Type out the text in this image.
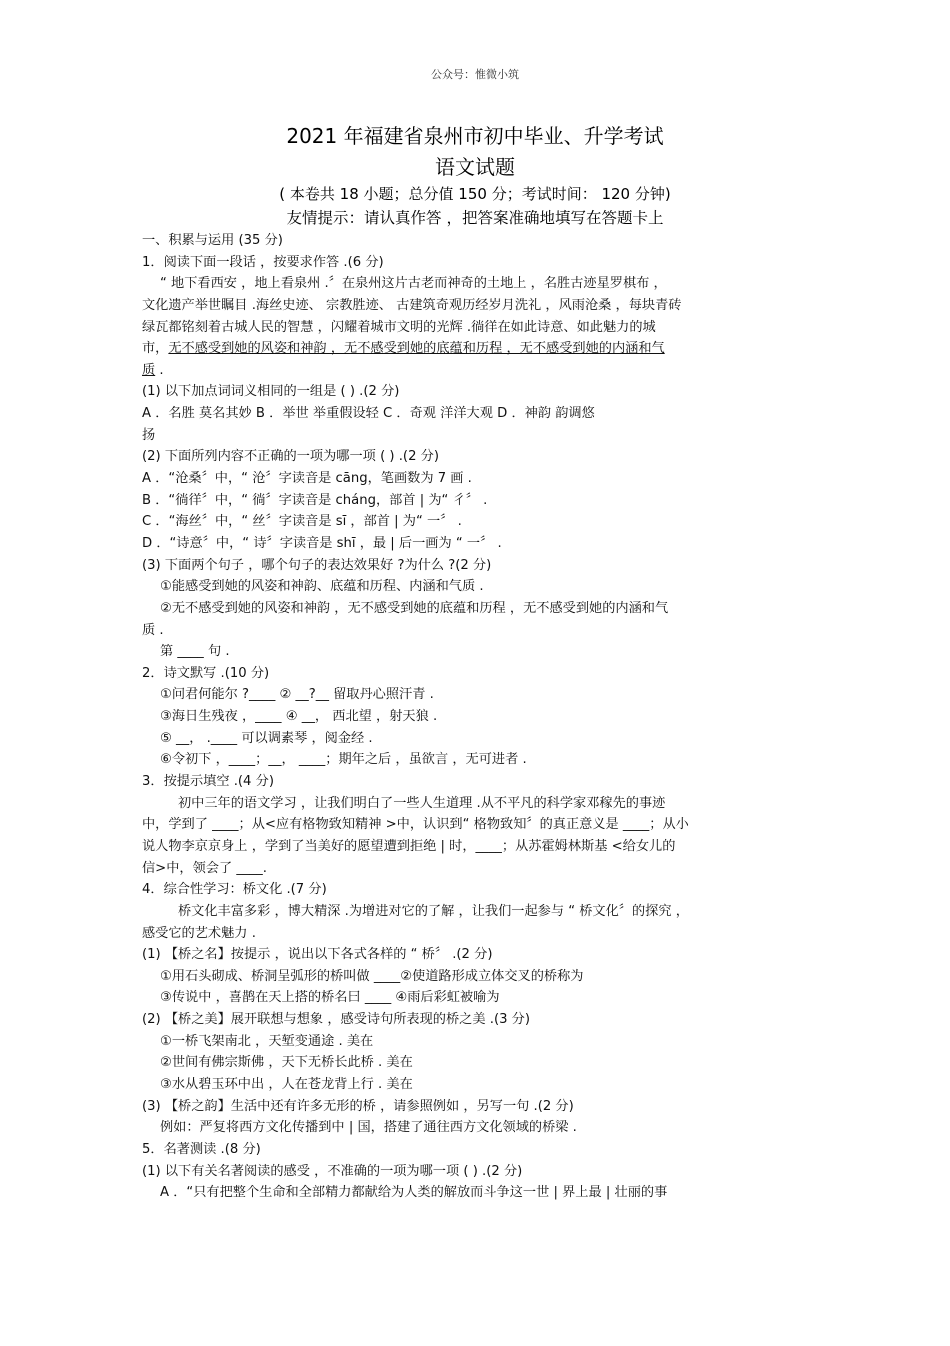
公众号：惟微小筑
2021 年福建省泉州市初中毕业、升学考试
语文试题
( 本卷共 18 小题；总分值 150 分；考试时间： 120 分钟)
友情提示：请认真作答 ，把答案准确地填写在答题卡上
一、积累与运用 (35 分)
1．阅读下面一段话 ，按要求作答 .(6 分)
“ 地下看西安 ，地上看泉州 .〞在泉州这片古老而神奇的土地上 ，名胜古迹星罗棋布 ，
文化遗产举世瞩目 .海丝史迹、 宗教胜迹、 古建筑奇观历经岁月洗礼 ，风雨沧桑 ，每块青砖
绿瓦都铭刻着古城人民的智慧 ，闪耀着城市文明的光辉 .徜徉在如此诗意、如此魅力的城
市，无不感受到她的风姿和神韵 ，无不感受到她的底蕴和历程 ，无不感受到她的内涵和气
质 .
(1) 以下加点词词义相同的一组是 ( ) .(2 分)
A ．名胜 莫名其妙 B ．举世 举重假设轻 C ．奇观 洋洋大观 D ．神韵 韵调悠
扬
(2) 下面所列内容不正确的一项为哪一项 ( ) .(2 分)
A ．“沧桑〞中，“ 沧〞字读音是 cāng，笔画数为 7 画 .
B ．“徜徉〞中，“ 徜〞字读音是 cháng，部首 | 为“ 彳〞 .
C ．“海丝〞中，“ 丝〞字读音是 sī ，部首 | 为“ 一〞 .
D ．“诗意〞中，“ 诗〞字读音是 shī ，最 | 后一画为 “ 一〞 .
(3) 下面两个句子 ，哪个句子的表达效果好 ?为什么 ?(2 分)
①能感受到她的风姿和神韵、底蕴和历程、内涵和气质 .
②无不感受到她的风姿和神韵 ，无不感受到她的底蕴和历程 ，无不感受到她的内涵和气
质 .
第 ____ 句 .
2．诗文默写 .(10 分)
①问君何能尔 ?____ ② __?__ 留取丹心照汗青 .
③海日生残夜 ，____ ④ __， 西北望 ，射天狼 .
⑤ __， .____ 可以调素琴 ，阅金经 .
⑥令初下 ，____；__， ____；期年之后 ，虽欲言 ，无可进者 .
3．按提示填空 .(4 分)
初中三年的语文学习 ，让我们明白了一些人生道理 .从不平凡的科学家邓稼先的事迹
中，学到了 ____；从<应有格物致知精神 >中，认识到“ 格物致知〞的真正意义是 ____；从小
说人物李京京身上 ，学到了当美好的愿望遭到拒绝 | 时，____；从苏霍姆林斯基 <给女儿的
信>中，领会了 ____.
4．综合性学习：桥文化 .(7 分)
桥文化丰富多彩 ，博大精深 .为增进对它的了解 ，让我们一起参与 “ 桥文化〞的探究 ，
感受它的艺术魅力 .
(1) 【桥之名】按提示 ，说出以下各式各样的 “ 桥〞 .(2 分)
①用石头砌成、桥洞呈弧形的桥叫做 ____②使道路形成立体交叉的桥称为
③传说中 ，喜鹊在天上搭的桥名曰 ____ ④雨后彩虹被喻为
(2) 【桥之美】展开联想与想象 ，感受诗句所表现的桥之美 .(3 分)
①一桥飞架南北 ，天堑变通途 . 美在
②世间有佛宗斯佛 ，天下无桥长此桥 . 美在
③水从碧玉环中出 ，人在苍龙背上行 . 美在
(3) 【桥之韵】生活中还有许多无形的桥 ，请参照例如 ，另写一句 .(2 分)
例如：严复将西方文化传播到中 | 国，搭建了通往西方文化领域的桥梁 .
5．名著测读 .(8 分)
(1) 以下有关名著阅读的感受 ，不准确的一项为哪一项 ( ) .(2 分)
A ．“只有把整个生命和全部精力都献给为人类的解放而斗争这一世 | 界上最 | 壮丽的事
